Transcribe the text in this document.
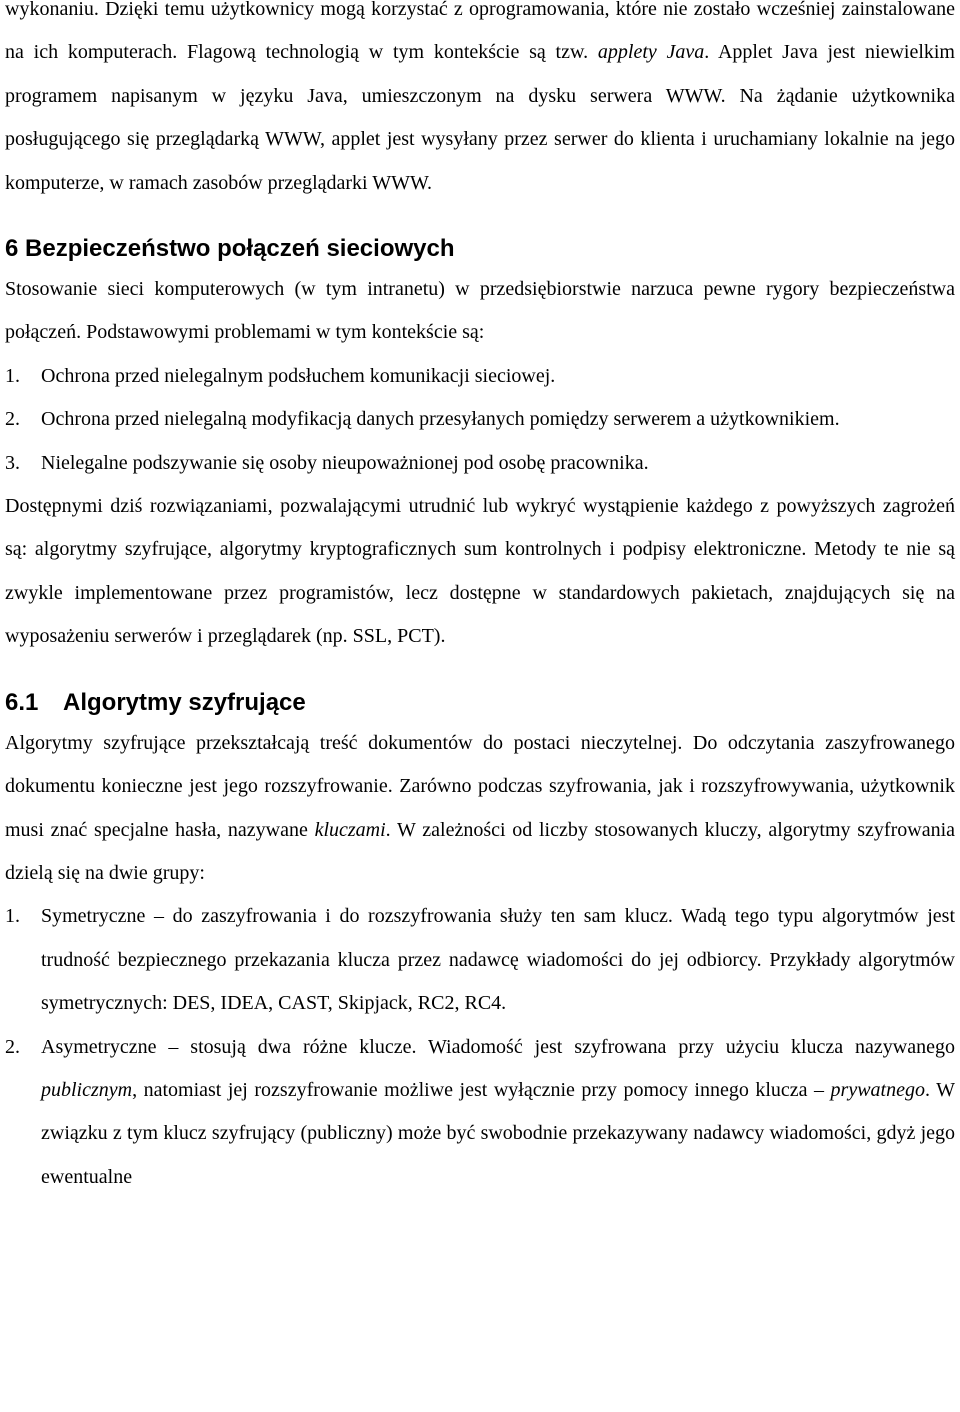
wykonaniu. Dzięki temu użytkownicy mogą korzystać z oprogramowania, które nie zostało wcześniej zainstalowane na ich komputerach. Flagową technologią w tym kontekście są tzw. applety Java. Applet Java jest niewielkim programem napisanym w języku Java, umieszczonym na dysku serwera WWW. Na żądanie użytkownika posługującego się przeglądarką WWW, applet jest wysyłany przez serwer do klienta i uruchamiany lokalnie na jego komputerze, w ramach zasobów przeglądarki WWW.

6 Bezpieczeństwo połączeń sieciowych

Stosowanie sieci komputerowych (w tym intranetu) w przedsiębiorstwie narzuca pewne rygory bezpieczeństwa połączeń. Podstawowymi problemami w tym kontekście są:

1.	Ochrona przed nielegalnym podsłuchem komunikacji sieciowej.
2.	Ochrona przed nielegalną modyfikacją danych przesyłanych pomiędzy serwerem a użytkownikiem.
3.	Nielegalne podszywanie się osoby nieupoważnionej pod osobę pracownika.

Dostępnymi dziś rozwiązaniami, pozwalającymi utrudnić lub wykryć wystąpienie każdego z powyższych zagrożeń są: algorytmy szyfrujące, algorytmy kryptograficznych sum kontrolnych i podpisy elektroniczne. Metody te nie są zwykle implementowane przez programistów, lecz dostępne w standardowych pakietach, znajdujących się na wyposażeniu serwerów i przeglądarek (np. SSL, PCT).

6.1 Algorytmy szyfrujące

Algorytmy szyfrujące przekształcają treść dokumentów do postaci nieczytelnej. Do odczytania zaszyfrowanego dokumentu konieczne jest jego rozszyfrowanie. Zarówno podczas szyfrowania, jak i rozszyfrowywania, użytkownik musi znać specjalne hasła, nazywane kluczami. W zależności od liczby stosowanych kluczy, algorytmy szyfrowania dzielą się na dwie grupy:

1.	Symetryczne – do zaszyfrowania i do rozszyfrowania służy ten sam klucz. Wadą tego typu algorytmów jest trudność bezpiecznego przekazania klucza przez nadawcę wiadomości do jej odbiorcy. Przykłady algorytmów symetrycznych: DES, IDEA, CAST, Skipjack, RC2, RC4.
2.	Asymetryczne – stosują dwa różne klucze. Wiadomość jest szyfrowana przy użyciu klucza nazywanego publicznym, natomiast jej rozszyfrowanie możliwe jest wyłącznie przy pomocy innego klucza – prywatnego. W związku z tym klucz szyfrujący (publiczny) może być swobodnie przekazywany nadawcy wiadomości, gdyż jego ewentualne
